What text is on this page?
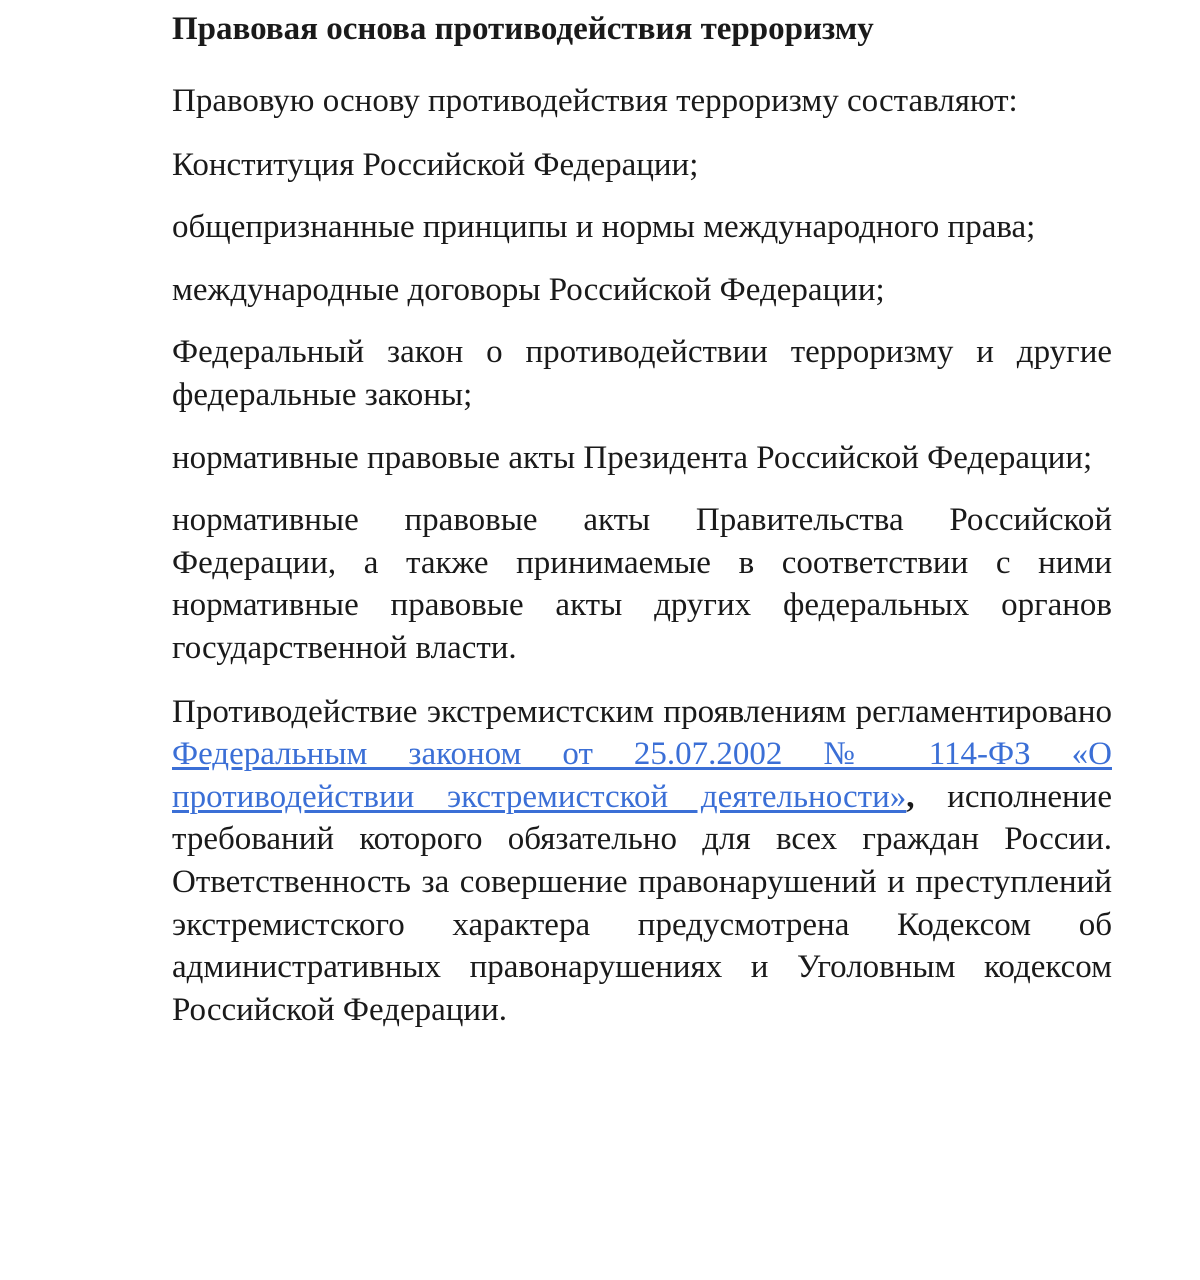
Правовая основа противодействия терроризму

Правовую основу противодействия терроризму составляют:

Конституция Российской Федерации;

общепризнанные принципы и нормы международного права;

международные договоры Российской Федерации;

Федеральный закон о противодействии терроризму и другие федеральные законы;

нормативные правовые акты Президента Российской Федерации;

нормативные правовые акты Правительства Российской Федерации, а также принимаемые в соответствии с ними нормативные правовые акты других федеральных органов государственной власти.

Противодействие экстремистским проявлениям регламентировано Федеральным законом от 25.07.2002 № 114-ФЗ «О противодействии экстремистской деятельности», исполнение требований которого обязательно для всех граждан России. Ответственность за совершение правонарушений и преступлений экстремистского характера предусмотрена Кодексом об административных правонарушениях и Уголовным кодексом Российской Федерации.
